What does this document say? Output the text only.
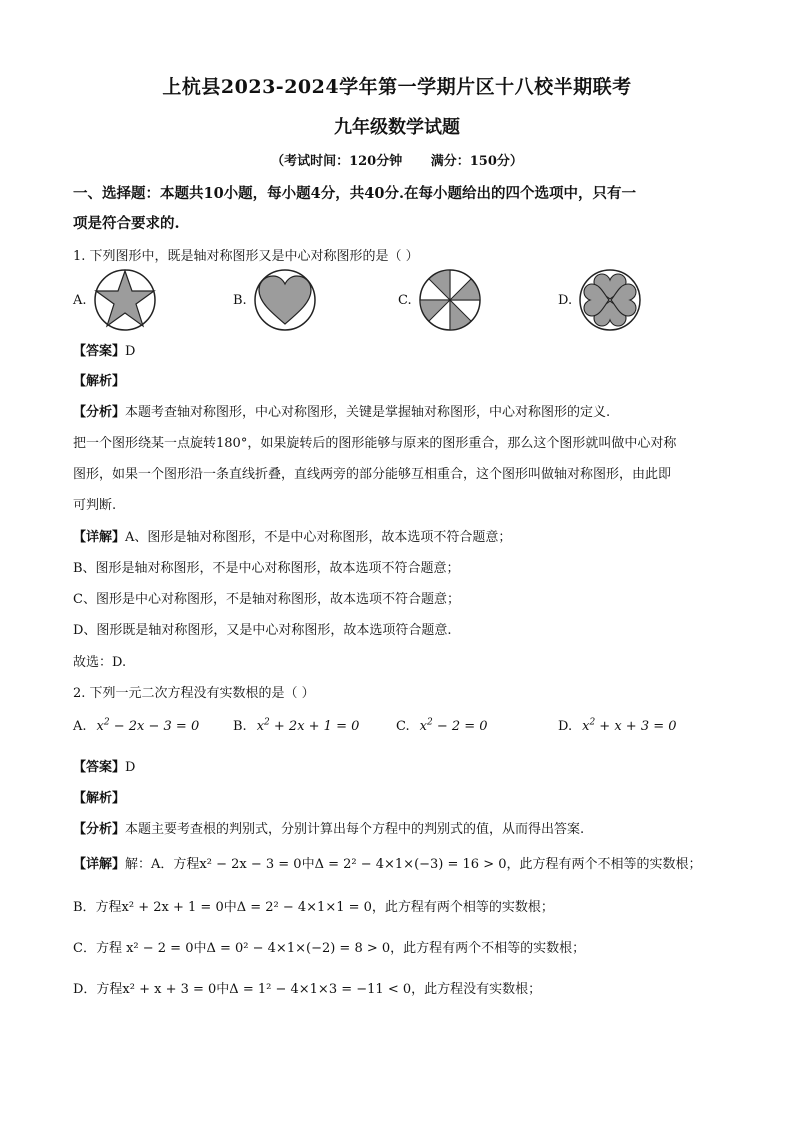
上杭县2023-2024学年第一学期片区十八校半期联考
九年级数学试题
（考试时间：120分钟 满分：150分）
一、选择题：本题共10小题，每小题4分，共40分.在每小题给出的四个选项中，只有一
项是符合要求的.
1. 下列图形中，既是轴对称图形又是中心对称图形的是（ ）
A.	B.	C.	D.
【答案】D
【解析】
【分析】本题考查轴对称图形，中心对称图形，关键是掌握轴对称图形，中心对称图形的定义.
把一个图形绕某一点旋转180°，如果旋转后的图形能够与原来的图形重合，那么这个图形就叫做中心对称
图形，如果一个图形沿一条直线折叠，直线两旁的部分能够互相重合，这个图形叫做轴对称图形，由此即
可判断.
【详解】A、图形是轴对称图形，不是中心对称图形，故本选项不符合题意；
B、图形是轴对称图形，不是中心对称图形，故本选项不符合题意；
C、图形是中心对称图形，不是轴对称图形，故本选项不符合题意；
D、图形既是轴对称图形，又是中心对称图形，故本选项符合题意.
故选：D.
2. 下列一元二次方程没有实数根的是（ ）
A. $x^2 - 2x - 3 = 0$	B. $x^2 + 2x + 1 = 0$	C. $x^2 - 2 = 0$	D. $x^2 + x + 3 = 0$
【答案】D
【解析】
【分析】本题主要考查根的判别式，分别计算出每个方程中的判别式的值，从而得出答案.
【详解】解：A．方程x² − 2x − 3 = 0中Δ = 2² − 4×1×(−3) = 16 > 0，此方程有两个不相等的实数根；
B．方程x² + 2x + 1 = 0中Δ = 2² − 4×1×1 = 0，此方程有两个相等的实数根；
C．方程 x² − 2 = 0中Δ = 0² − 4×1×(−2) = 8 > 0，此方程有两个不相等的实数根；
D．方程x² + x + 3 = 0中Δ = 1² − 4×1×3 = −11 < 0，此方程没有实数根；
